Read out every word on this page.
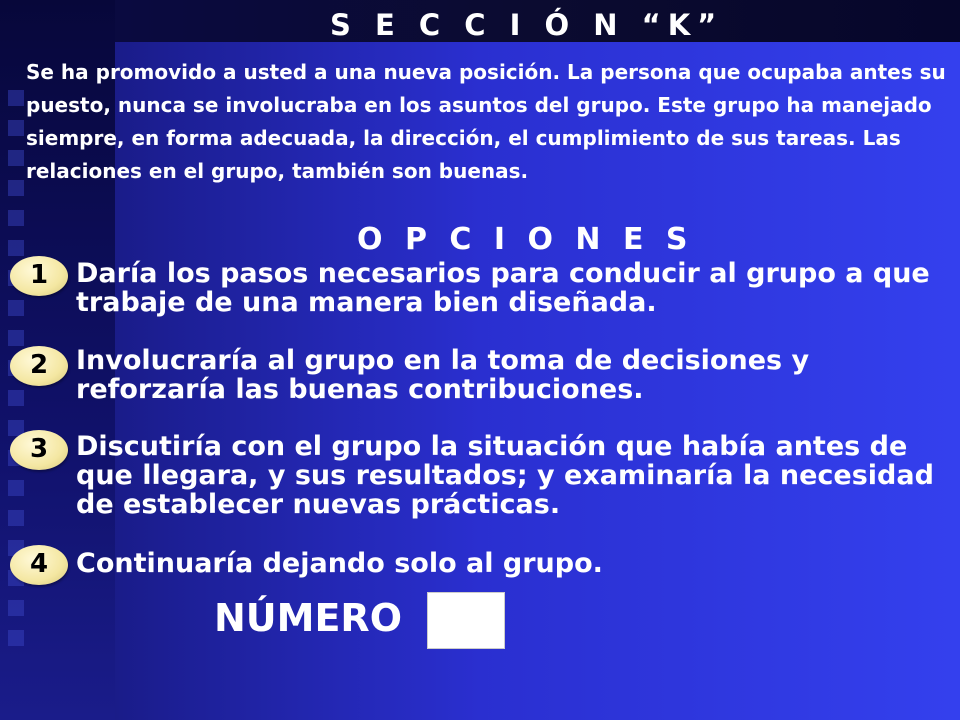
S E C C I Ó N “K”
Se ha promovido a usted a una nueva posición. La persona que ocupaba antes su puesto, nunca se involucraba en los asuntos del grupo. Este grupo ha manejado siempre, en forma adecuada, la dirección, el cumplimiento de sus tareas. Las relaciones en el grupo, también son buenas.
O P C I O N E S
1	Daría los pasos necesarios para conducir al grupo a que trabaje de una manera bien diseñada.
2	Involucraría al grupo en la toma de decisiones y reforzaría las buenas contribuciones.
3	Discutiría con el grupo la situación que había antes de que llegara, y sus resultados; y examinaría la necesidad de establecer nuevas prácticas.
4	Continuaría dejando solo al grupo.
NÚMERO
